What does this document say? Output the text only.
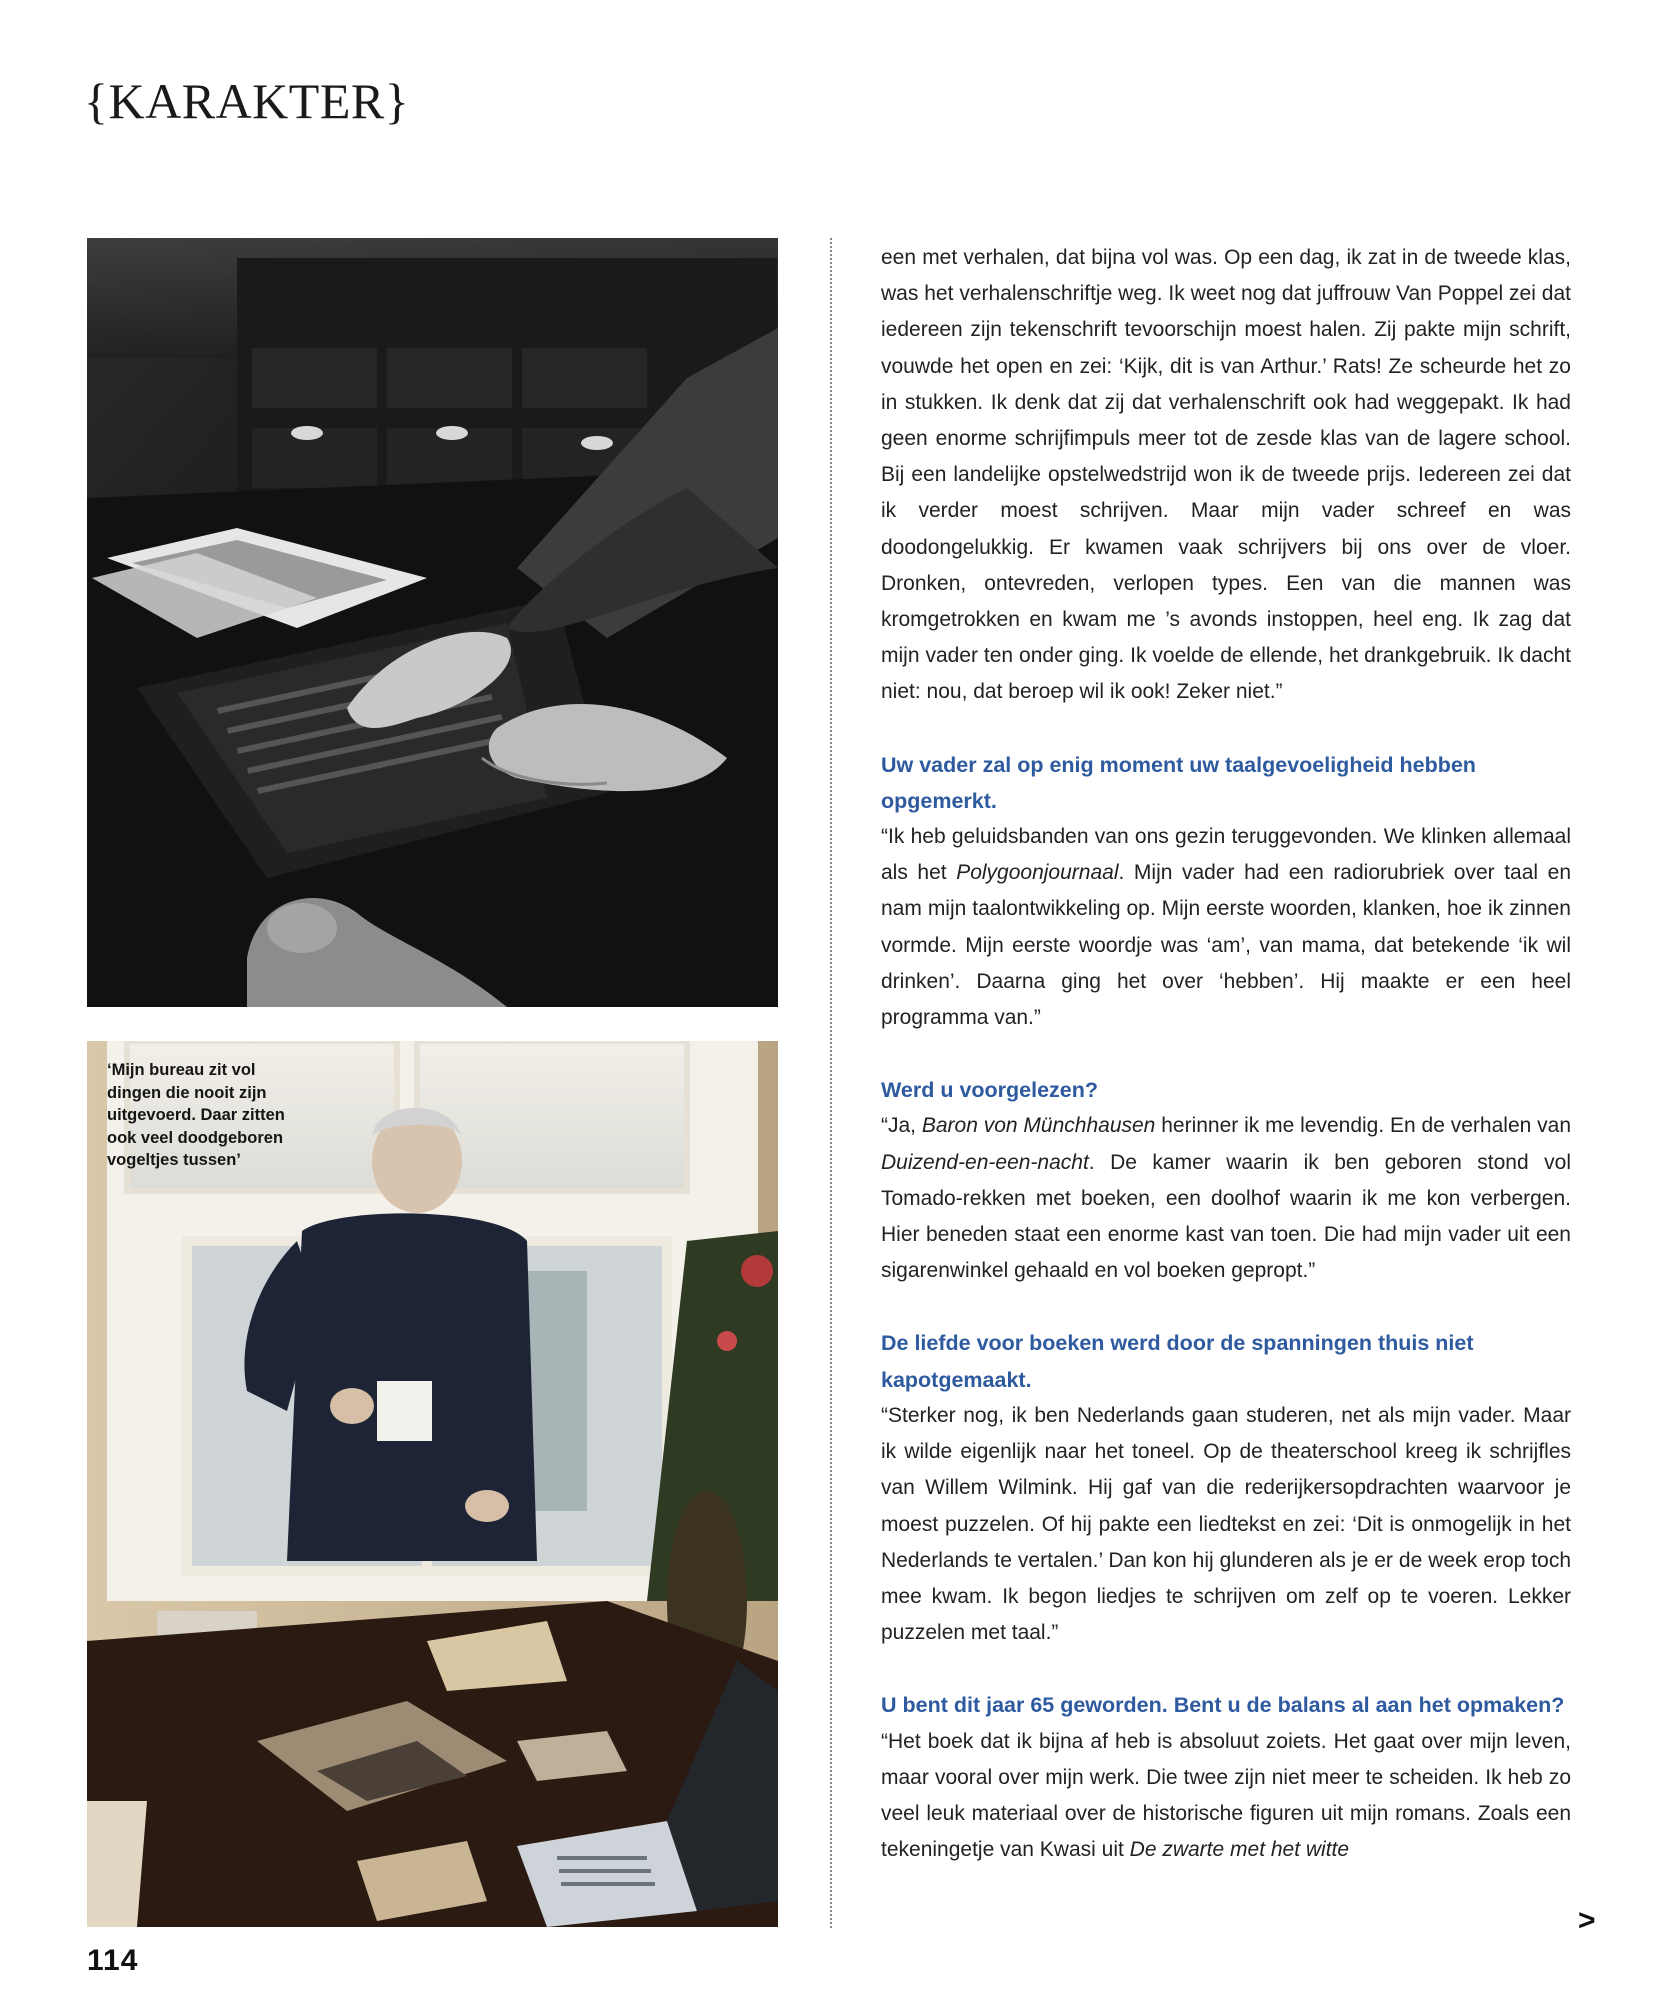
{KARAKTER}

‘Mijn bureau zit vol dingen die nooit zijn uitgevoerd. Daar zitten ook veel doodgeboren vogeltjes tussen’

een met verhalen, dat bijna vol was. Op een dag, ik zat in de tweede klas, was het verhalenschriftje weg. Ik weet nog dat juffrouw Van Poppel zei dat iedereen zijn tekenschrift tevoorschijn moest halen. Zij pakte mijn schrift, vouwde het open en zei: ‘Kijk, dit is van Arthur.’ Rats! Ze scheurde het zo in stukken. Ik denk dat zij dat verhalenschrift ook had weggepakt. Ik had geen enorme schrijfimpuls meer tot de zesde klas van de lagere school. Bij een landelijke opstelwedstrijd won ik de tweede prijs. Iedereen zei dat ik verder moest schrijven. Maar mijn vader schreef en was doodongelukkig. Er kwamen vaak schrijvers bij ons over de vloer. Dronken, ontevreden, verlopen types. Een van die mannen was kromgetrokken en kwam me ’s avonds instoppen, heel eng. Ik zag dat mijn vader ten onder ging. Ik voelde de ellende, het drankgebruik. Ik dacht niet: nou, dat beroep wil ik ook! Zeker niet.”

Uw vader zal op enig moment uw taalgevoeligheid hebben opgemerkt.

“Ik heb geluidsbanden van ons gezin teruggevonden. We klinken allemaal als het Polygoonjournaal. Mijn vader had een radiorubriek over taal en nam mijn taalontwikkeling op. Mijn eerste woorden, klanken, hoe ik zinnen vormde. Mijn eerste woordje was ‘am’, van mama, dat betekende ‘ik wil drinken’. Daarna ging het over ‘hebben’. Hij maakte er een heel programma van.”

Werd u voorgelezen?

“Ja, Baron von Münchhausen herinner ik me levendig. En de verhalen van Duizend-en-een-nacht. De kamer waarin ik ben geboren stond vol Tomado-rekken met boeken, een doolhof waarin ik me kon verbergen. Hier beneden staat een enorme kast van toen. Die had mijn vader uit een sigarenwinkel gehaald en vol boeken gepropt.”

De liefde voor boeken werd door de spanningen thuis niet kapotgemaakt.

“Sterker nog, ik ben Nederlands gaan studeren, net als mijn vader. Maar ik wilde eigenlijk naar het toneel. Op de theaterschool kreeg ik schrijfles van Willem Wilmink. Hij gaf van die rederijkersopdrachten waarvoor je moest puzzelen. Of hij pakte een liedtekst en zei: ‘Dit is onmogelijk in het Nederlands te vertalen.’ Dan kon hij glunderen als je er de week erop toch mee kwam. Ik begon liedjes te schrijven om zelf op te voeren. Lekker puzzelen met taal.”

U bent dit jaar 65 geworden. Bent u de balans al aan het opmaken?

“Het boek dat ik bijna af heb is absoluut zoiets. Het gaat over mijn leven, maar vooral over mijn werk. Die twee zijn niet meer te scheiden. Ik heb zo veel leuk materiaal over de historische figuren uit mijn romans. Zoals een tekeningetje van Kwasi uit De zwarte met het witte

>

114
